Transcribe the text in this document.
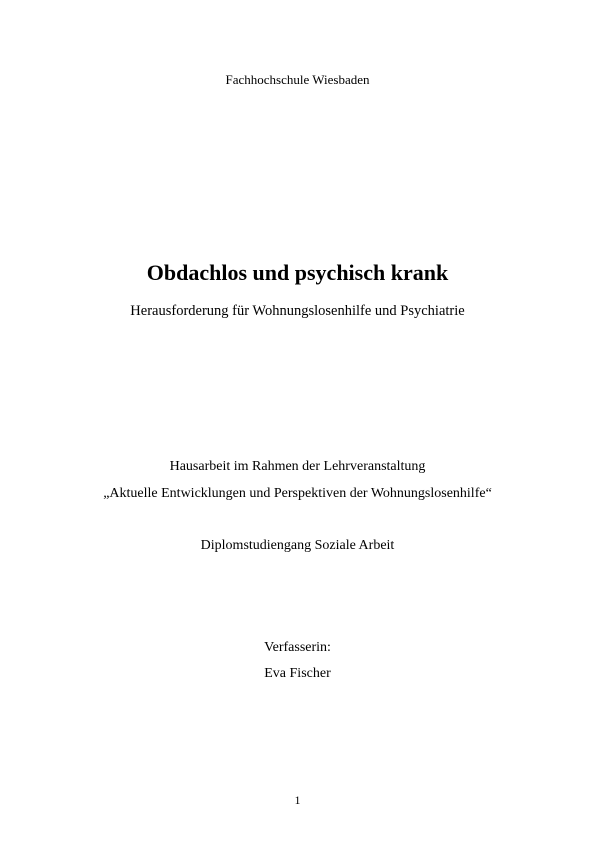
Fachhochschule Wiesbaden
Obdachlos und psychisch krank
Herausforderung für Wohnungslosenhilfe und Psychiatrie
Hausarbeit im Rahmen der Lehrveranstaltung
„Aktuelle Entwicklungen und Perspektiven der Wohnungslosenhilfe“
Diplomstudiengang Soziale Arbeit
Verfasserin:
Eva Fischer
1
